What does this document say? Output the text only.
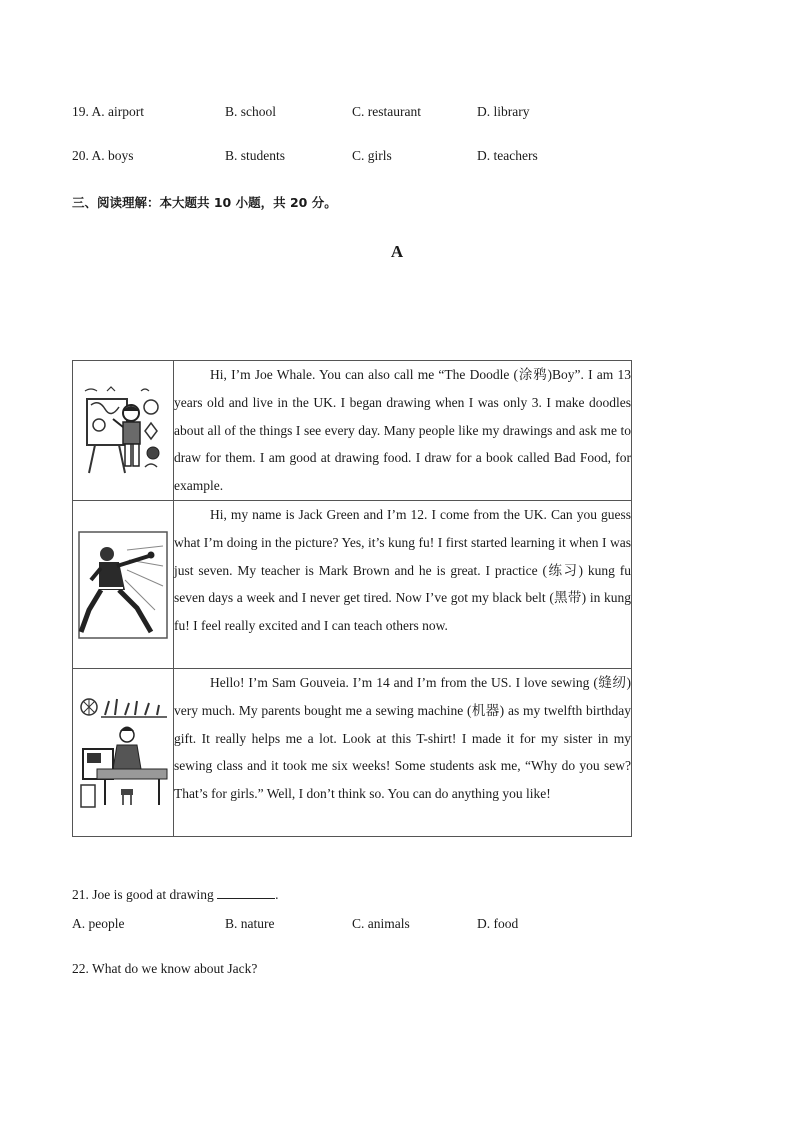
19. A. airport	B. school	C. restaurant	D. library
20. A. boys	B. students	C. girls	D. teachers
三、阅读理解：本大题共 10 小题，共 20 分。
A

Hi, I’m Joe Whale. You can also call me “The Doodle (涂鸦)Boy”. I am 13 years old and live in the UK. I began drawing when I was only 3. I make doodles about all of the things I see every day. Many people like my drawings and ask me to draw for them. I am good at drawing food. I draw for a book called Bad Food, for example.

Hi, my name is Jack Green and I’m 12. I come from the UK. Can you guess what I’m doing in the picture? Yes, it’s kung fu! I first started learning it when I was just seven. My teacher is Mark Brown and he is great. I practice (练习) kung fu seven days a week and I never get tired. Now I’ve got my black belt (黑带) in kung fu! I feel really excited and I can teach others now.

Hello! I’m Sam Gouveia. I’m 14 and I’m from the US. I love sewing (缝纫) very much. My parents bought me a sewing machine (机器) as my twelfth birthday gift. It really helps me a lot. Look at this T-shirt! I made it for my sister in my sewing class and it took me six weeks! Some students ask me, “Why do you sew? That’s for girls.” Well, I don’t think so. You can do anything you like!

21. Joe is good at drawing	.
A. people	B. nature	C. animals	D. food
22. What do we know about Jack?
